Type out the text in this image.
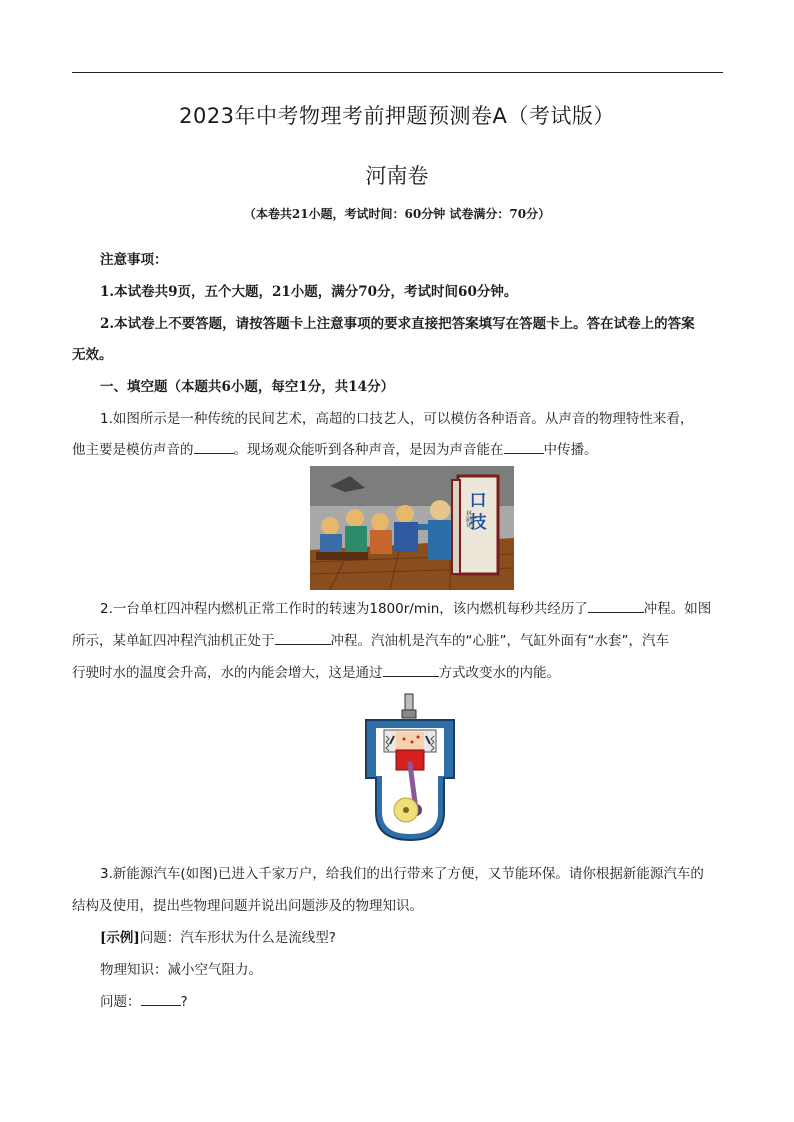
2023年中考物理考前押题预测卷A（考试版）
河南卷
（本卷共21小题，考试时间：60分钟 试卷满分：70分）
注意事项：
1.本试卷共9页，五个大题，21小题，满分70分，考试时间60分钟。
2.本试卷上不要答题，请按答题卡上注意事项的要求直接把答案填写在答题卡上。答在试卷上的答案
无效。
一、填空题（本题共6小题，每空1分，共14分）
1.如图所示是一种传统的民间艺术，高超的口技艺人，可以模仿各种语音。从声音的物理特性来看，
他主要是模仿声音的	。现场观众能听到各种声音，是因为声音能在	中传播。
口
技
林嗣环
2.一台单杠四冲程内燃机正常工作时的转速为1800r/min，该内燃机每秒共经历了	冲程。如图
所示，某单缸四冲程汽油机正处于	冲程。汽油机是汽车的“心脏”，气缸外面有“水套”，汽车
行驶时水的温度会升高，水的内能会增大，这是通过	方式改变水的内能。
3.新能源汽车(如图)已进入千家万户，给我们的出行带来了方便，又节能环保。请你根据新能源汽车的
结构及使用，提出些物理问题并说出问题涉及的物理知识。
[示例]问题：汽车形状为什么是流线型?
物理知识：减小空气阻力。
问题：	?
